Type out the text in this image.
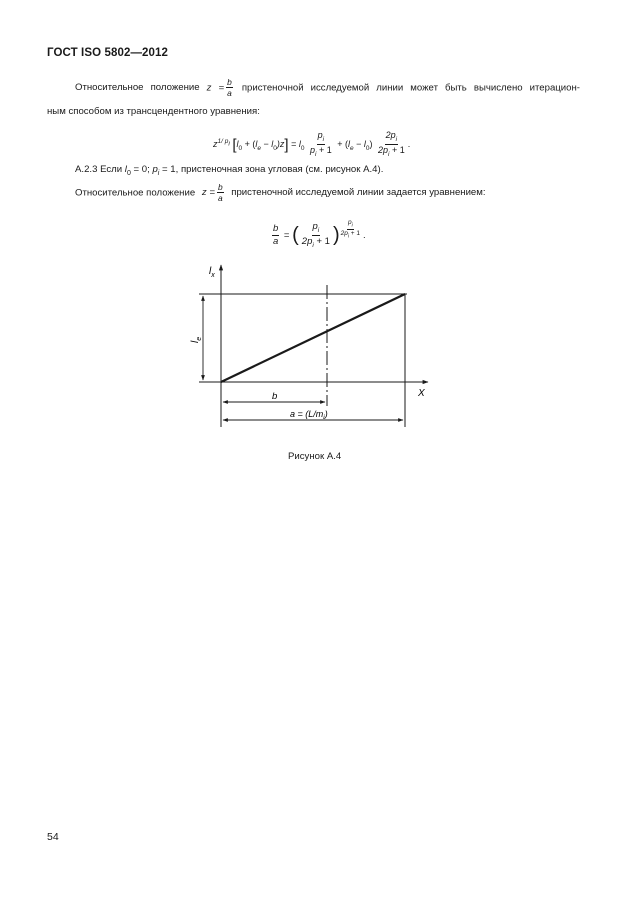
ГОСТ ISO 5802—2012
Относительное положение $z = \frac{b}{a}$ пристеночной исследуемой линии может быть вычислено итерацион-
ным способом из трансцендентного уравнения:
$z^{1/ p_i}$ $[l_0 + (l_e - l_0)z] = l_0 \frac{p_i}{p_i + 1} + (l_e - l_0) \frac{2p_i}{2p_i + 1}$ .
А.2.3 Если $l_0 = 0$; $p_i = 1$, пристеночная зона угловая (см. рисунок А.4).
Относительное положение $z = \frac{b}{a}$ пристеночной исследуемой линии задается уравнением:
$\frac{b}{a}$ = ( $\frac{p_i}{2p_i + 1}$ ) $\frac{p_i}{2p_i + 1}$ .
$l_x$
X
$l_e$
b
$a = (L/m_i)$
Рисунок А.4
54
